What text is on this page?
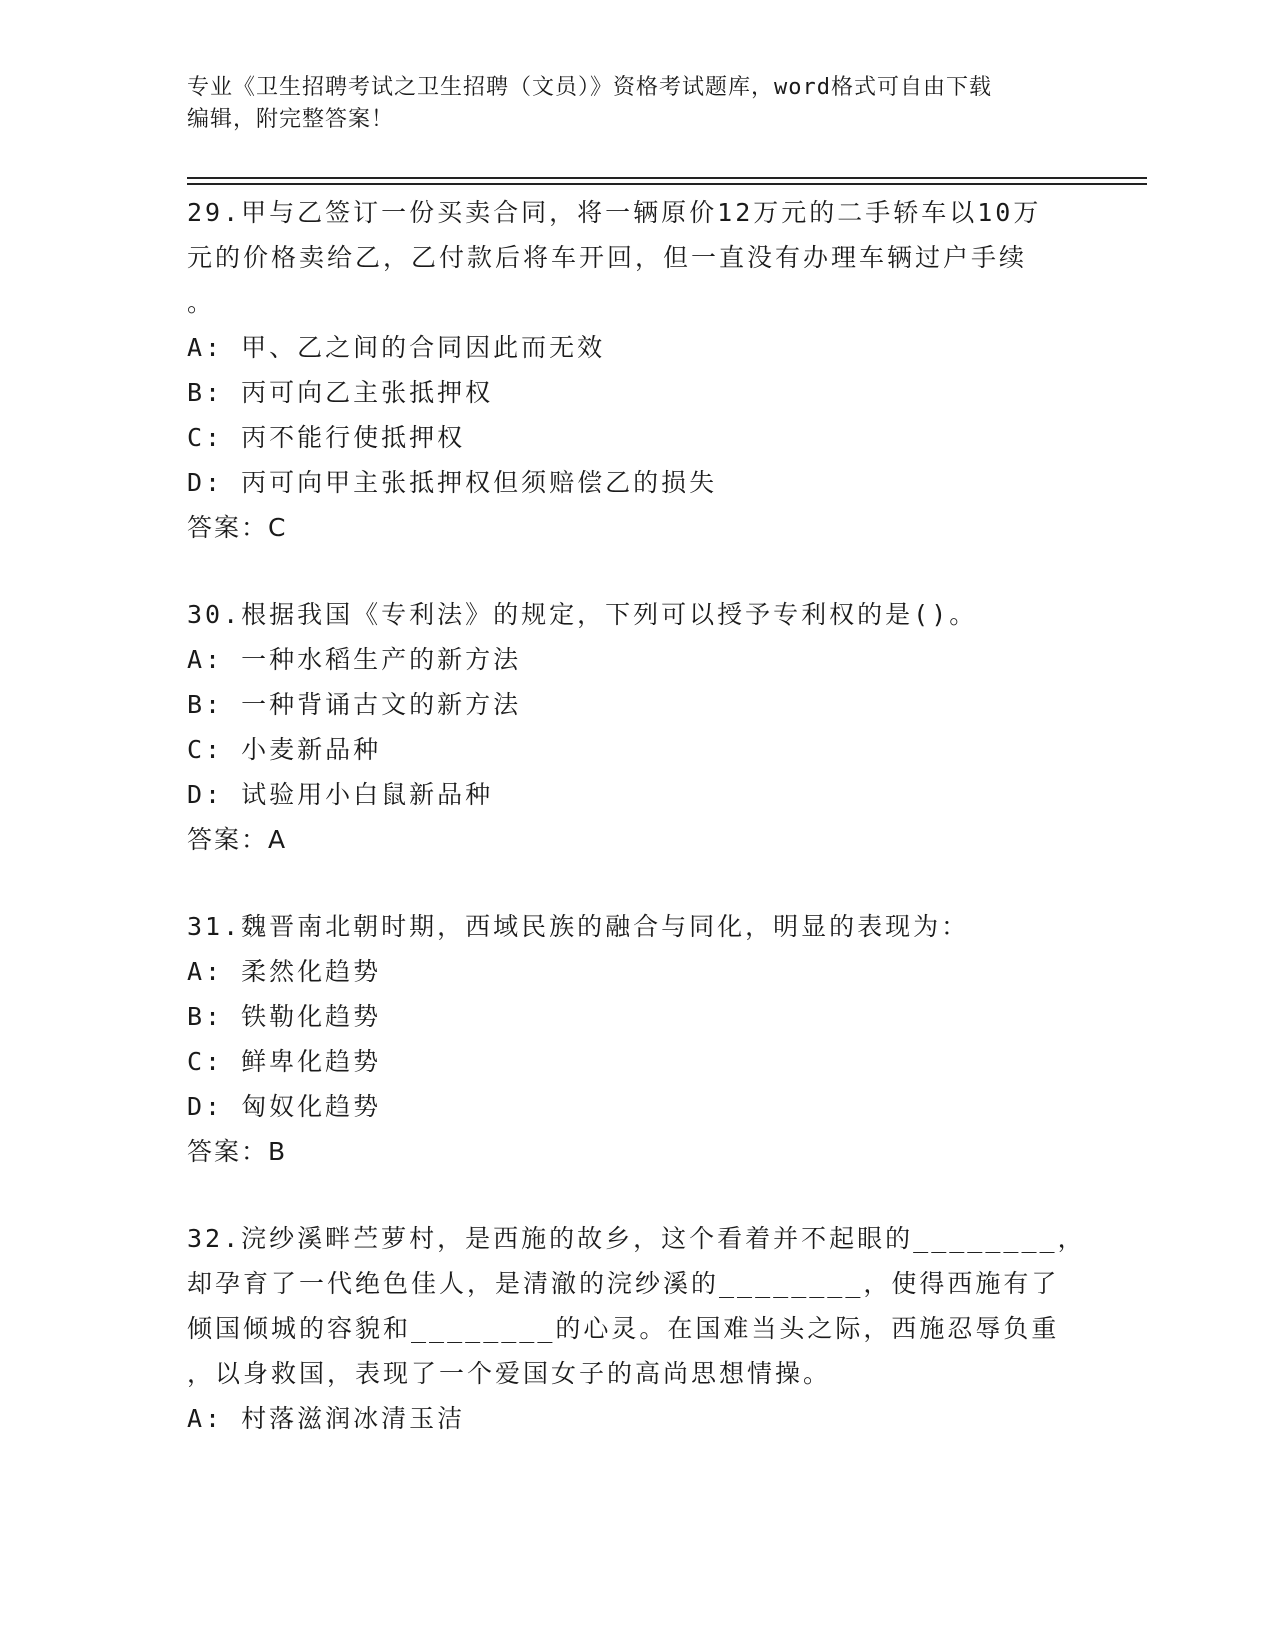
专业《卫生招聘考试之卫生招聘（文员）》资格考试题库，word格式可自由下载
编辑，附完整答案！

29.甲与乙签订一份买卖合同，将一辆原价12万元的二手轿车以10万

元的价格卖给乙，乙付款后将车开回，但一直没有办理车辆过户手续

。

A: 甲、乙之间的合同因此而无效

B: 丙可向乙主张抵押权

C: 丙不能行使抵押权

D: 丙可向甲主张抵押权但须赔偿乙的损失

答案：C

30.根据我国《专利法》的规定，下列可以授予专利权的是()。

A: 一种水稻生产的新方法

B: 一种背诵古文的新方法

C: 小麦新品种

D: 试验用小白鼠新品种

答案：A

31.魏晋南北朝时期，西域民族的融合与同化，明显的表现为：

A: 柔然化趋势

B: 铁勒化趋势

C: 鲜卑化趋势

D: 匈奴化趋势

答案：B

32.浣纱溪畔苎萝村，是西施的故乡，这个看着并不起眼的________，

却孕育了一代绝色佳人，是清澈的浣纱溪的________，使得西施有了

倾国倾城的容貌和________的心灵。在国难当头之际，西施忍辱负重

，以身救国，表现了一个爱国女子的高尚思想情操。

A: 村落滋润冰清玉洁
